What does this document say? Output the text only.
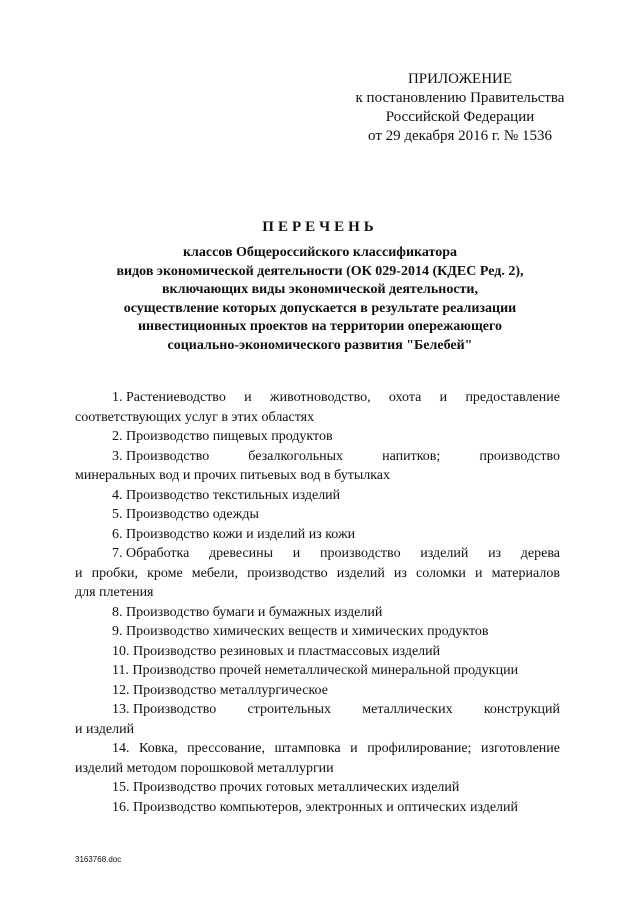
ПРИЛОЖЕНИЕ
к постановлению Правительства
Российской Федерации
от 29 декабря 2016 г. № 1536
ПЕРЕЧЕНЬ
классов Общероссийского классификатора
видов экономической деятельности (ОК 029-2014 (КДЕС Ред. 2),
включающих виды экономической деятельности,
осуществление которых допускается в результате реализации
инвестиционных проектов на территории опережающего
социально-экономического развития "Белебей"
1. Растениеводство и животноводство, охота и предоставление
соответствующих услуг в этих областях
2. Производство пищевых продуктов
3. Производство	безалкогольных	напитков;	производство
минеральных вод и прочих питьевых вод в бутылках
4. Производство текстильных изделий
5. Производство одежды
6. Производство кожи и изделий из кожи
7. Обработка древесины и производство изделий из дерева
и пробки, кроме мебели, производство изделий из соломки и материалов
для плетения
8. Производство бумаги и бумажных изделий
9. Производство химических веществ и химических продуктов
10. Производство резиновых и пластмассовых изделий
11. Производство прочей неметаллической минеральной продукции
12. Производство металлургическое
13. Производство строительных металлических конструкций
и изделий
14. Ковка, прессование, штамповка и профилирование; изготовление
изделий методом порошковой металлургии
15. Производство прочих готовых металлических изделий
16. Производство компьютеров, электронных и оптических изделий
3163768.doc
